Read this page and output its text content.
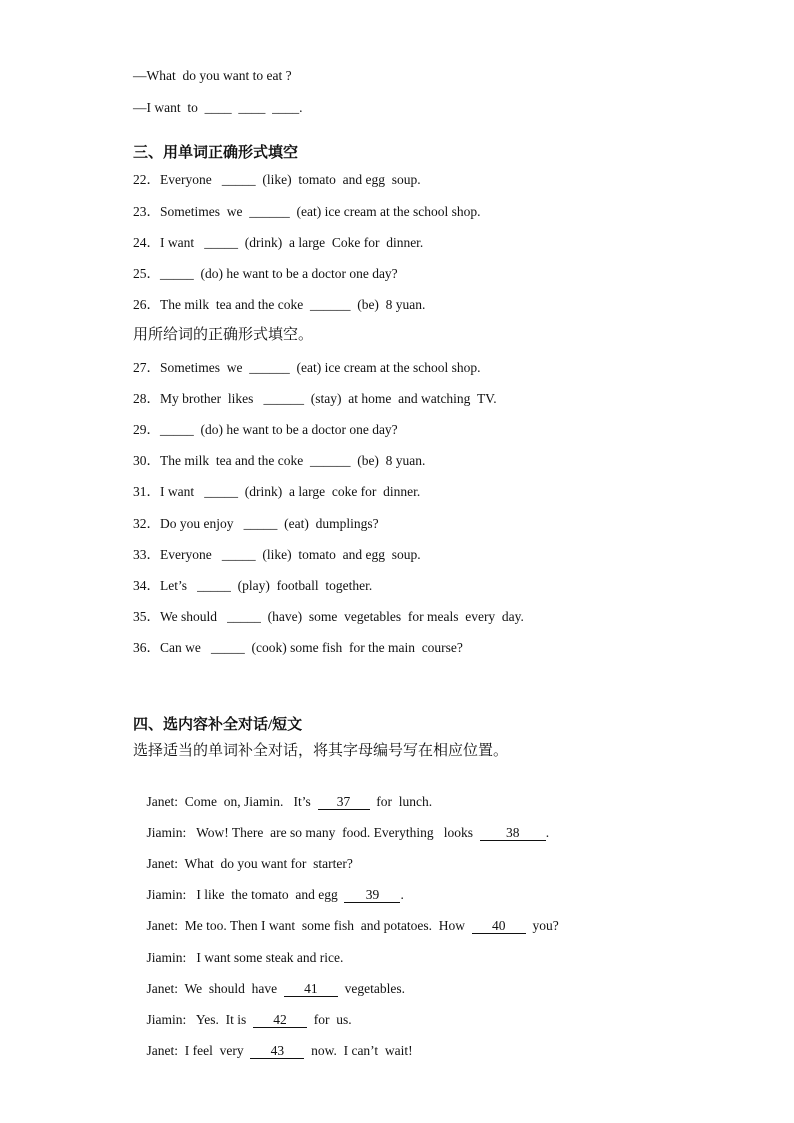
—What  do you want to eat ?
—I want  to  ____  ____  ____.
三、用单词正确形式填空
22．Everyone   _____  (like)  tomato  and egg  soup.
23．Sometimes  we  ______  (eat) ice cream at the school shop.
24．I want   _____  (drink)  a large  Coke for  dinner.
25．_____  (do) he want to be a doctor one day?
26．The milk  tea and the coke  ______  (be)  8 yuan.
用所给词的正确形式填空。
27．Sometimes  we  ______  (eat) ice cream at the school shop.
28．My brother  likes   ______  (stay)  at home  and watching  TV.
29．_____  (do) he want to be a doctor one day?
30．The milk  tea and the coke  ______  (be)  8 yuan.
31．I want   _____  (drink)  a large  coke for  dinner.
32．Do you enjoy   _____  (eat)  dumplings?
33．Everyone   _____  (like)  tomato  and egg  soup.
34．Let’s   _____  (play)  football  together.
35．We should   _____  (have)  some  vegetables  for meals  every  day.
36．Can we   _____  (cook) some fish  for the main  course?
四、选内容补全对话/短文
选择适当的单词补全对话，将其字母编号写在相应位置。

Janet:  Come  on, Jiamin.   It’s  37  for  lunch.

Jiamin:   Wow! There  are so many  food. Everything   looks  38 .

Janet:  What  do you want for  starter?

Jiamin:   I like  the tomato  and egg  39 .

Janet:  Me too. Then I want  some fish  and potatoes.  How  40  you?

Jiamin:   I want some steak and rice.

Janet:  We  should  have  41  vegetables.

Jiamin:   Yes.  It is  42  for  us.

Janet:  I feel  very  43  now.  I can’t  wait!
